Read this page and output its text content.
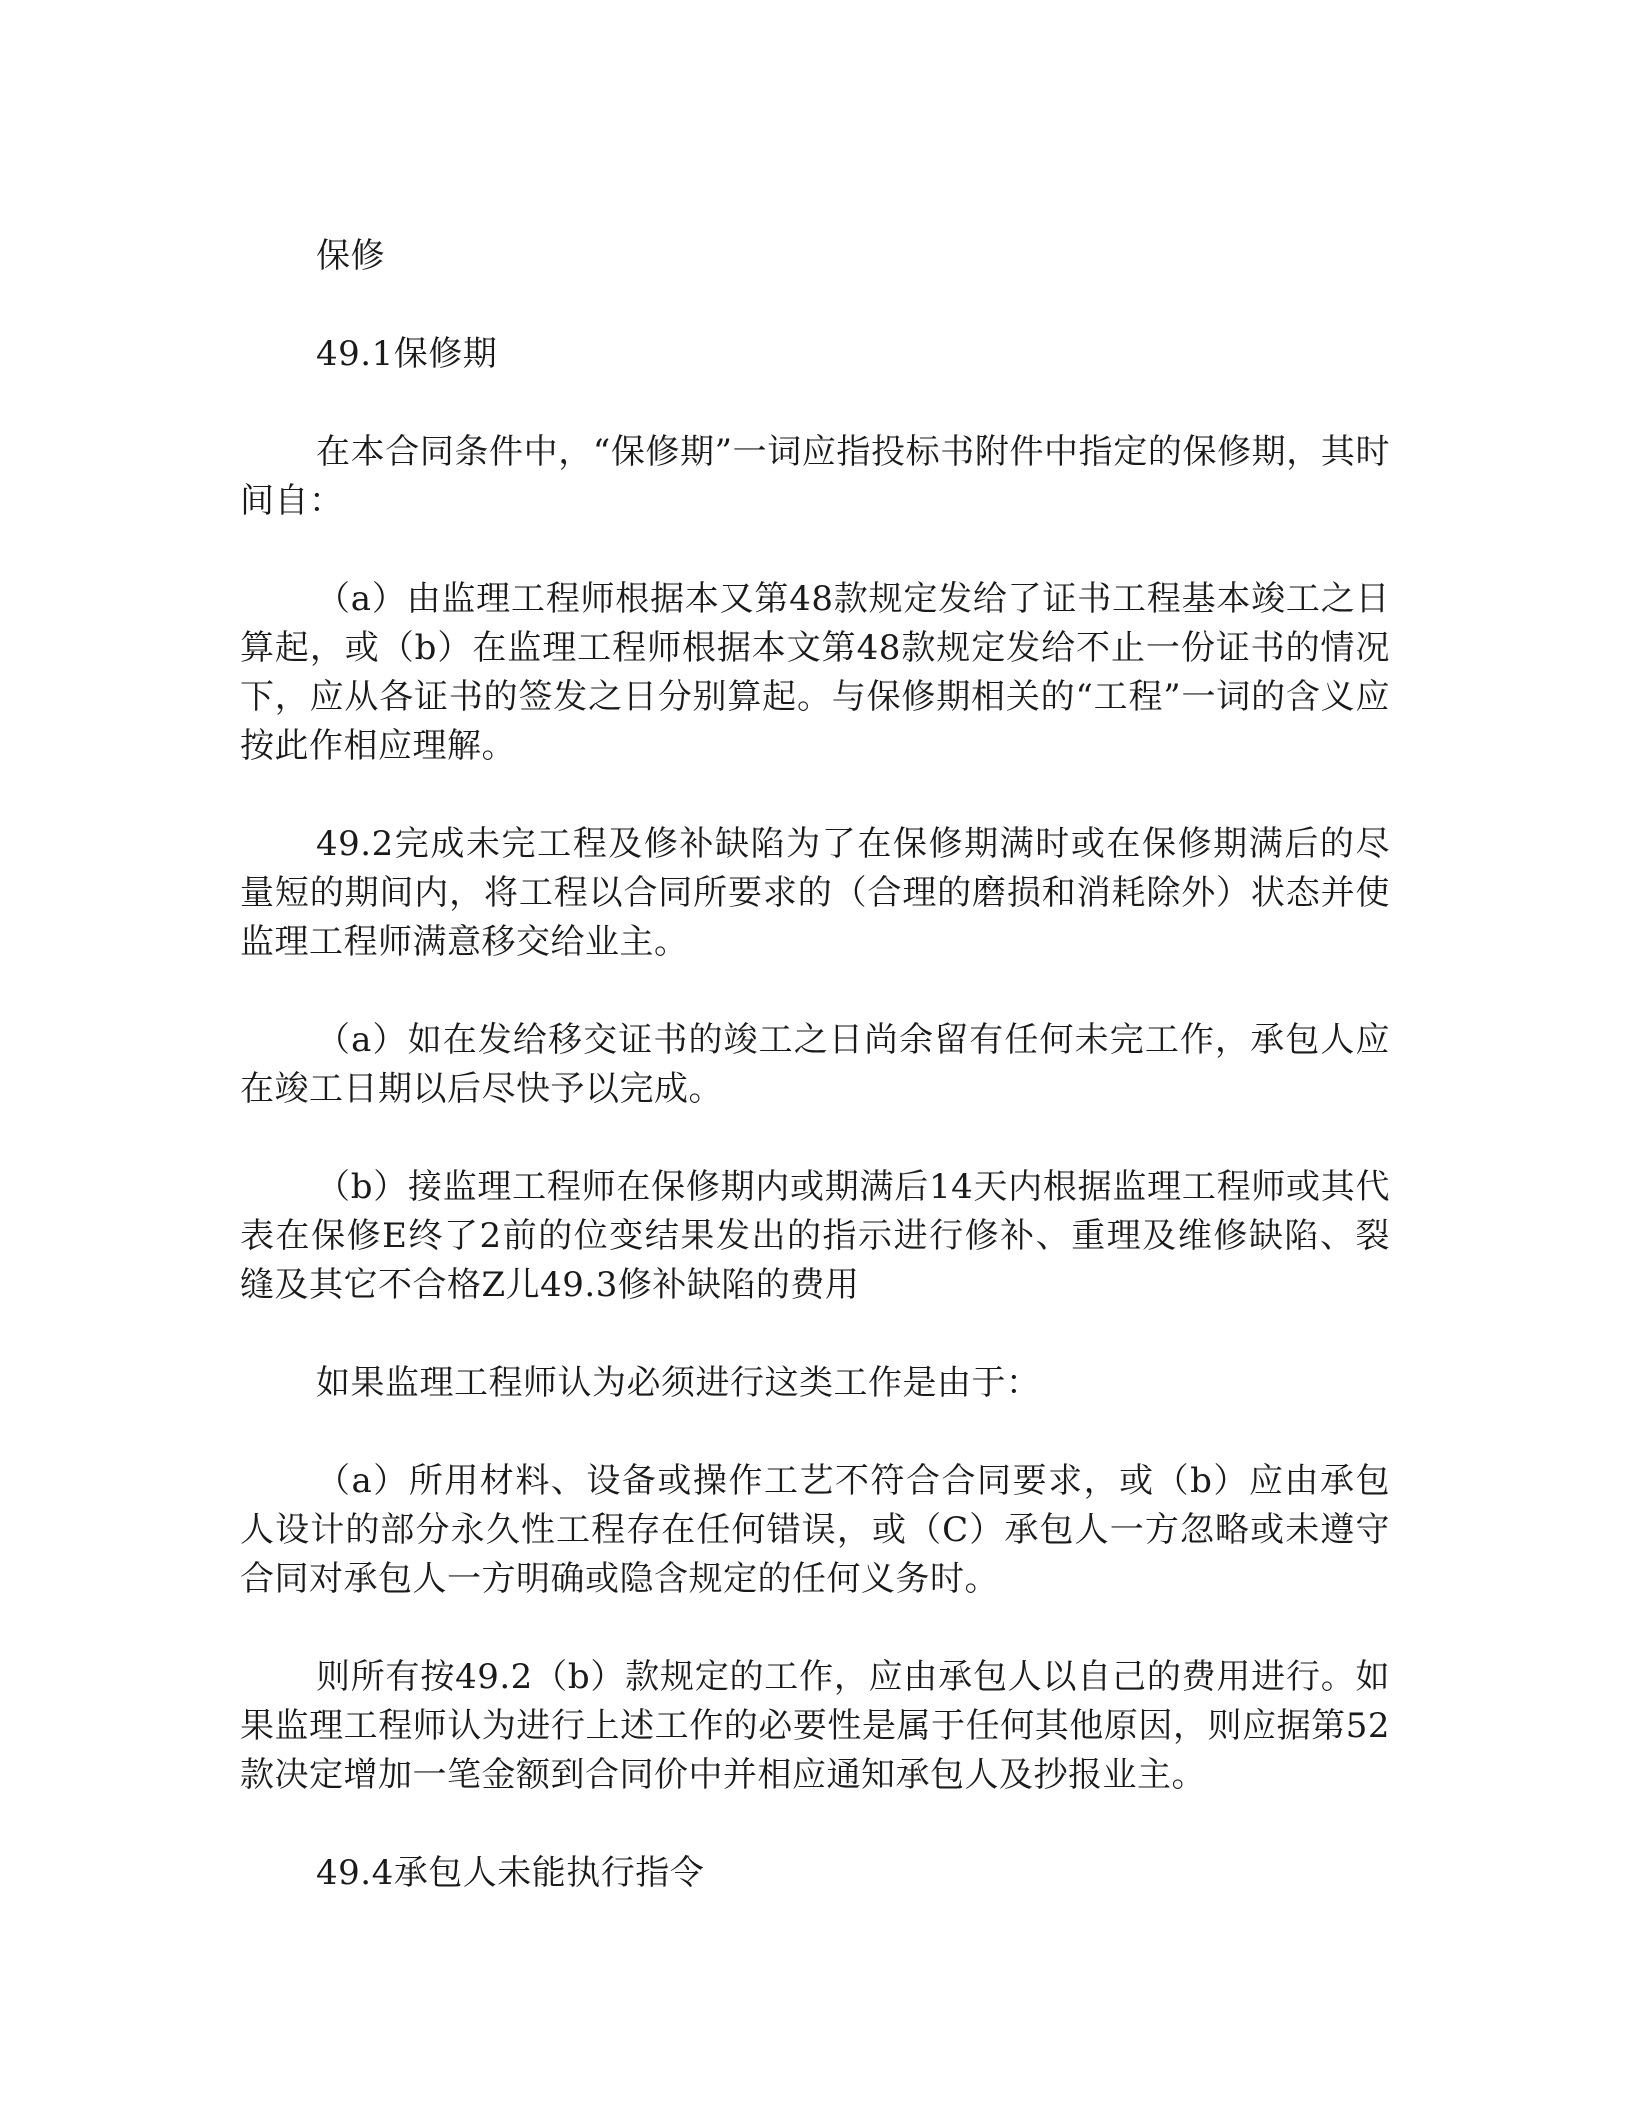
保修

49.1保修期

在本合同条件中，“保修期”一词应指投标书附件中指定的保修期，其时间自：

（a）由监理工程师根据本又第48款规定发给了证书工程基本竣工之日算起，或（b）在监理工程师根据本文第48款规定发给不止一份证书的情况下，应从各证书的签发之日分别算起。与保修期相关的“工程”一词的含义应按此作相应理解。

49.2完成未完工程及修补缺陷为了在保修期满时或在保修期满后的尽量短的期间内，将工程以合同所要求的（合理的磨损和消耗除外）状态并使监理工程师满意移交给业主。

（a）如在发给移交证书的竣工之日尚余留有任何未完工作，承包人应在竣工日期以后尽快予以完成。

（b）接监理工程师在保修期内或期满后14天内根据监理工程师或其代表在保修E终了2前的位变结果发出的指示进行修补、重理及维修缺陷、裂缝及其它不合格Z儿49.3修补缺陷的费用

如果监理工程师认为必须进行这类工作是由于：

（a）所用材料、设备或操作工艺不符合合同要求，或（b）应由承包人设计的部分永久性工程存在任何错误，或（C）承包人一方忽略或未遵守合同对承包人一方明确或隐含规定的任何义务时。

则所有按49.2（b）款规定的工作，应由承包人以自己的费用进行。如果监理工程师认为进行上述工作的必要性是属于任何其他原因，则应据第52款决定增加一笔金额到合同价中并相应通知承包人及抄报业主。

49.4承包人未能执行指令
